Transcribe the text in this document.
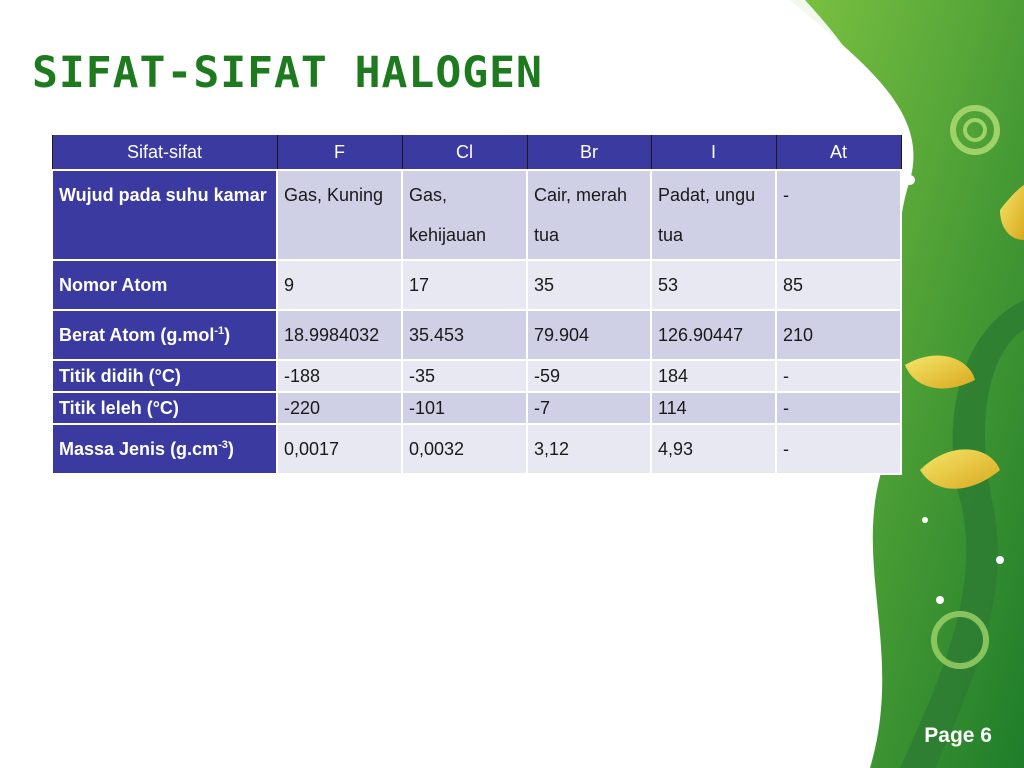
SIFAT-SIFAT HALOGEN
Sifat-sifat	F	Cl	Br	I	At
Wujud pada suhu kamar	Gas, Kuning	Gas, kehijauan	Cair, merah tua	Padat, ungu tua	-
Nomor Atom	9	17	35	53	85
Berat Atom (g.mol$^{-1}$)	18.9984032	35.453	79.904	126.90447	210
Titik didih (°C)	-188	-35	-59	184	-
Titik leleh (°C)	-220	-101	-7	114	-
Massa Jenis $(g.cm^{-3})$	0,0017	0,0032	3,12	4,93	-
Page 6
